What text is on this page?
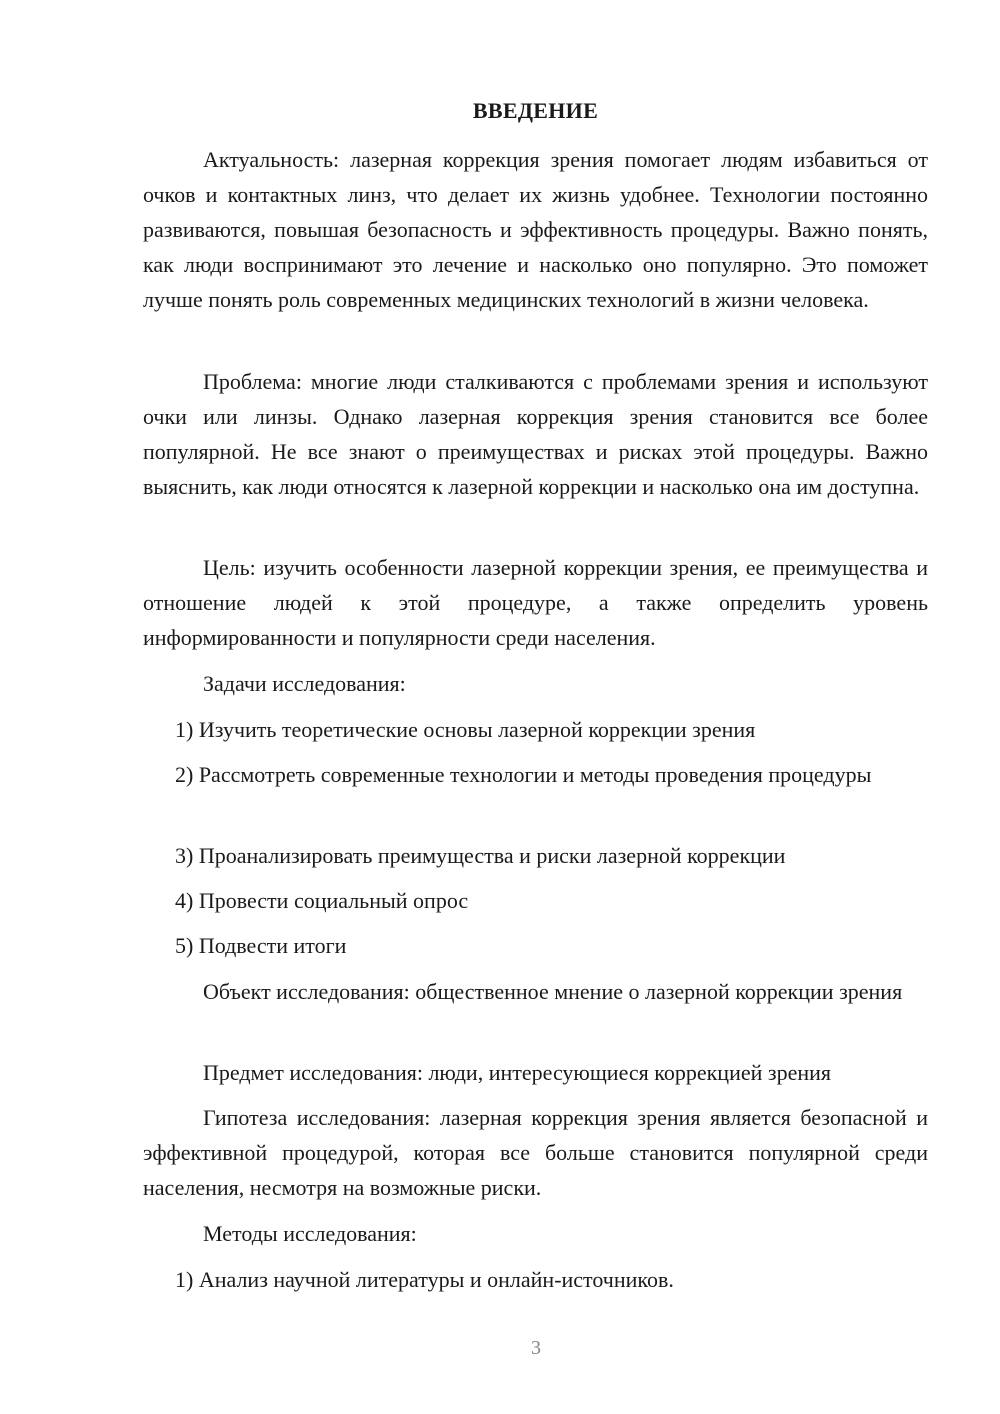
ВВЕДЕНИЕ

Актуальность: лазерная коррекция зрения помогает людям избавиться от очков и контактных линз, что делает их жизнь удобнее. Технологии постоянно развиваются, повышая безопасность и эффективность процедуры. Важно понять, как люди воспринимают это лечение и насколько оно популярно. Это поможет лучше понять роль современных медицинских технологий в жизни человека.

Проблема: многие люди сталкиваются с проблемами зрения и используют очки или линзы. Однако лазерная коррекция зрения становится все более популярной. Не все знают о преимуществах и рисках этой процедуры. Важно выяснить, как люди относятся к лазерной коррекции и насколько она им доступна.

Цель: изучить особенности лазерной коррекции зрения, ее преимущества и отношение людей к этой процедуре, а также определить уровень информированности и популярности среди населения.

Задачи исследования:

1) Изучить теоретические основы лазерной коррекции зрения

2) Рассмотреть современные технологии и методы проведения процедуры

3) Проанализировать преимущества и риски лазерной коррекции

4) Провести социальный опрос

5) Подвести итоги

Объект исследования: общественное мнение о лазерной коррекции зрения

Предмет исследования: люди, интересующиеся коррекцией зрения

Гипотеза исследования: лазерная коррекция зрения является безопасной и эффективной процедурой, которая все больше становится популярной среди населения, несмотря на возможные риски.

Методы исследования:

1) Анализ научной литературы и онлайн-источников.

3
